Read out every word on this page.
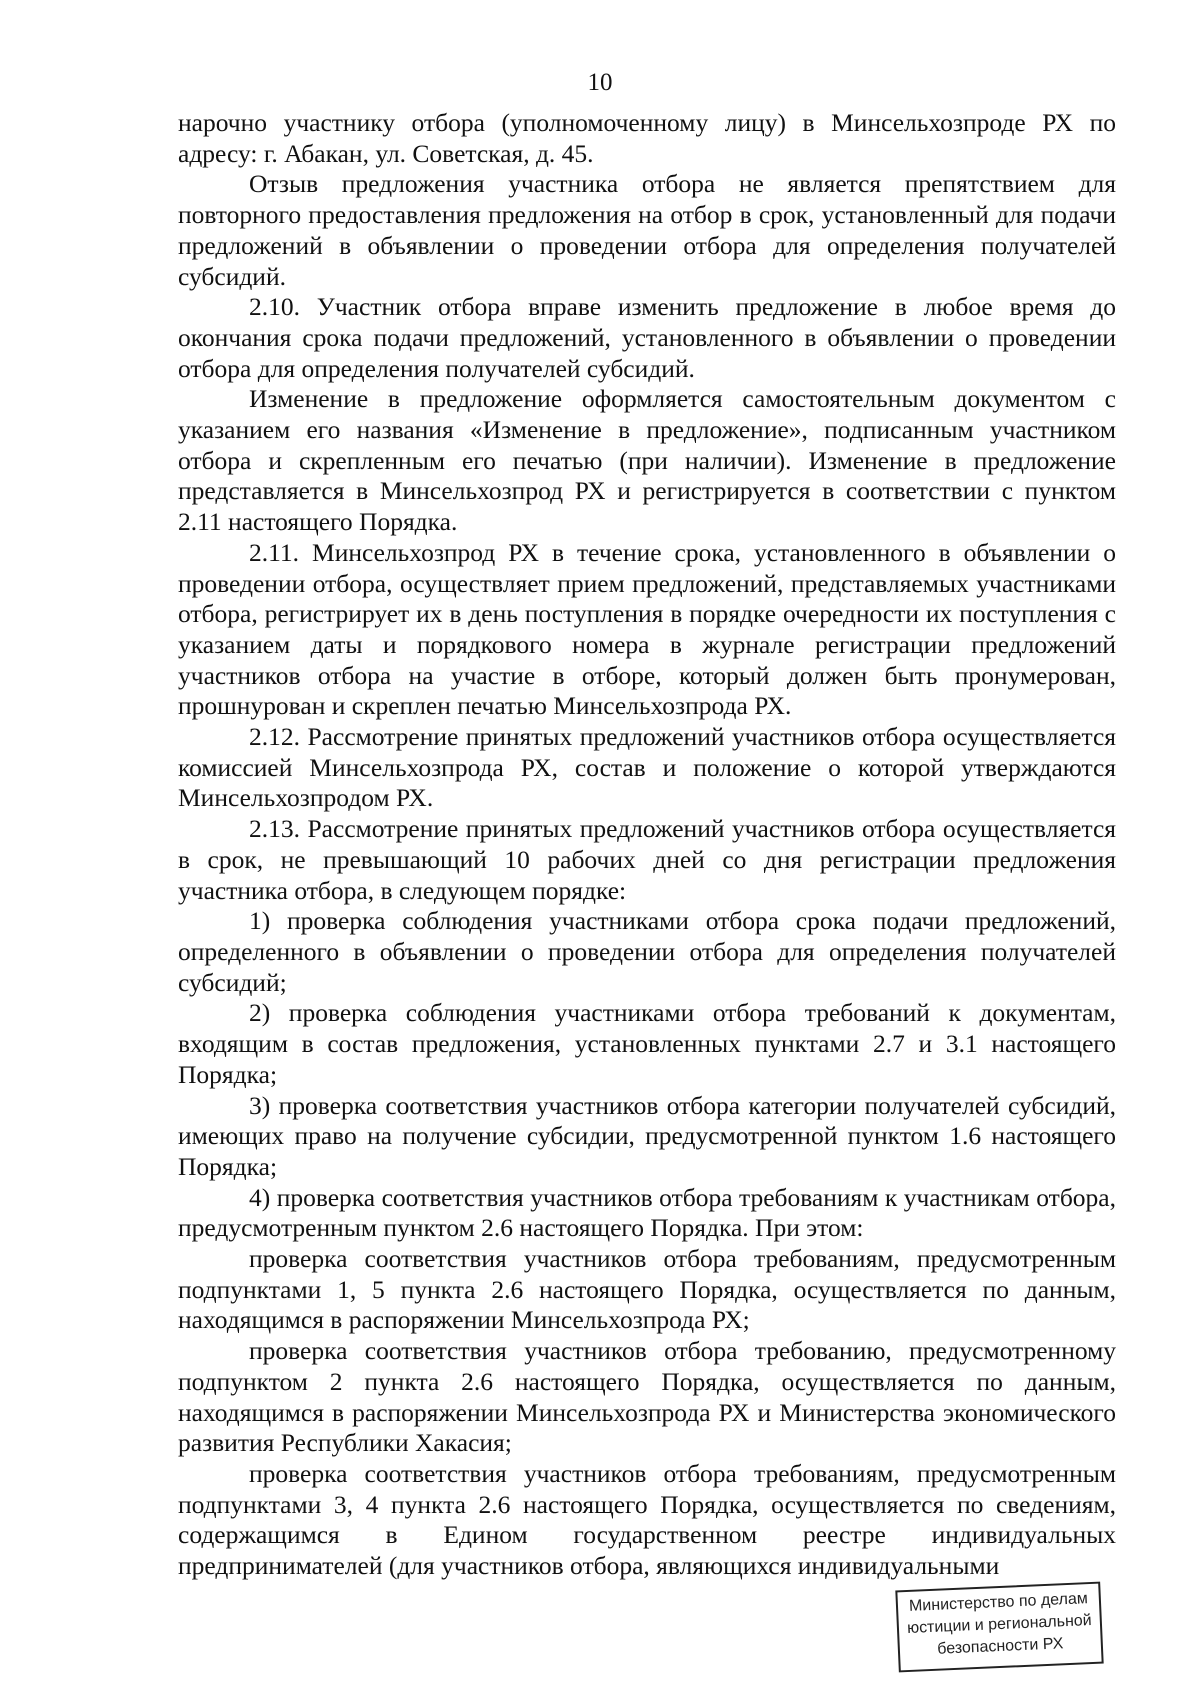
10

нарочно участнику отбора (уполномоченному лицу) в Минсельхозпроде РХ по адресу: г. Абакан, ул. Советская, д. 45.

Отзыв предложения участника отбора не является препятствием для повторного предоставления предложения на отбор в срок, установленный для подачи предложений в объявлении о проведении отбора для определения получателей субсидий.

2.10. Участник отбора вправе изменить предложение в любое время до окончания срока подачи предложений, установленного в объявлении о проведении отбора для определения получателей субсидий.

Изменение в предложение оформляется самостоятельным документом с указанием его названия «Изменение в предложение», подписанным участником отбора и скрепленным его печатью (при наличии). Изменение в предложение представляется в Минсельхозпрод РХ и регистрируется в соответствии с пунктом 2.11 настоящего Порядка.

2.11. Минсельхозпрод РХ в течение срока, установленного в объявлении о проведении отбора, осуществляет прием предложений, представляемых участниками отбора, регистрирует их в день поступления в порядке очередности их поступления с указанием даты и порядкового номера в журнале регистрации предложений участников отбора на участие в отборе, который должен быть пронумерован, прошнурован и скреплен печатью Минсельхозпрода РХ.

2.12. Рассмотрение принятых предложений участников отбора осуществляется комиссией Минсельхозпрода РХ, состав и положение о которой утверждаются Минсельхозпродом РХ.

2.13. Рассмотрение принятых предложений участников отбора осуществляется в срок, не превышающий 10 рабочих дней со дня регистрации предложения участника отбора, в следующем порядке:

1) проверка соблюдения участниками отбора срока подачи предложений, определенного в объявлении о проведении отбора для определения получателей субсидий;

2) проверка соблюдения участниками отбора требований к документам, входящим в состав предложения, установленных пунктами 2.7 и 3.1 настоящего Порядка;

3) проверка соответствия участников отбора категории получателей субсидий, имеющих право на получение субсидии, предусмотренной пунктом 1.6 настоящего Порядка;

4) проверка соответствия участников отбора требованиям к участникам отбора, предусмотренным пунктом 2.6 настоящего Порядка. При этом:

проверка соответствия участников отбора требованиям, предусмотренным подпунктами 1, 5 пункта 2.6 настоящего Порядка, осуществляется по данным, находящимся в распоряжении Минсельхозпрода РХ;

проверка соответствия участников отбора требованию, предусмотренному подпунктом 2 пункта 2.6 настоящего Порядка, осуществляется по данным, находящимся в распоряжении Минсельхозпрода РХ и Министерства экономического развития Республики Хакасия;

проверка соответствия участников отбора требованиям, предусмотренным подпунктами 3, 4 пункта 2.6 настоящего Порядка, осуществляется по сведениям, содержащимся в Едином государственном реестре индивидуальных предпринимателей (для участников отбора, являющихся индивидуальными

Министерство по делам
юстиции и региональной
безопасности РХ
